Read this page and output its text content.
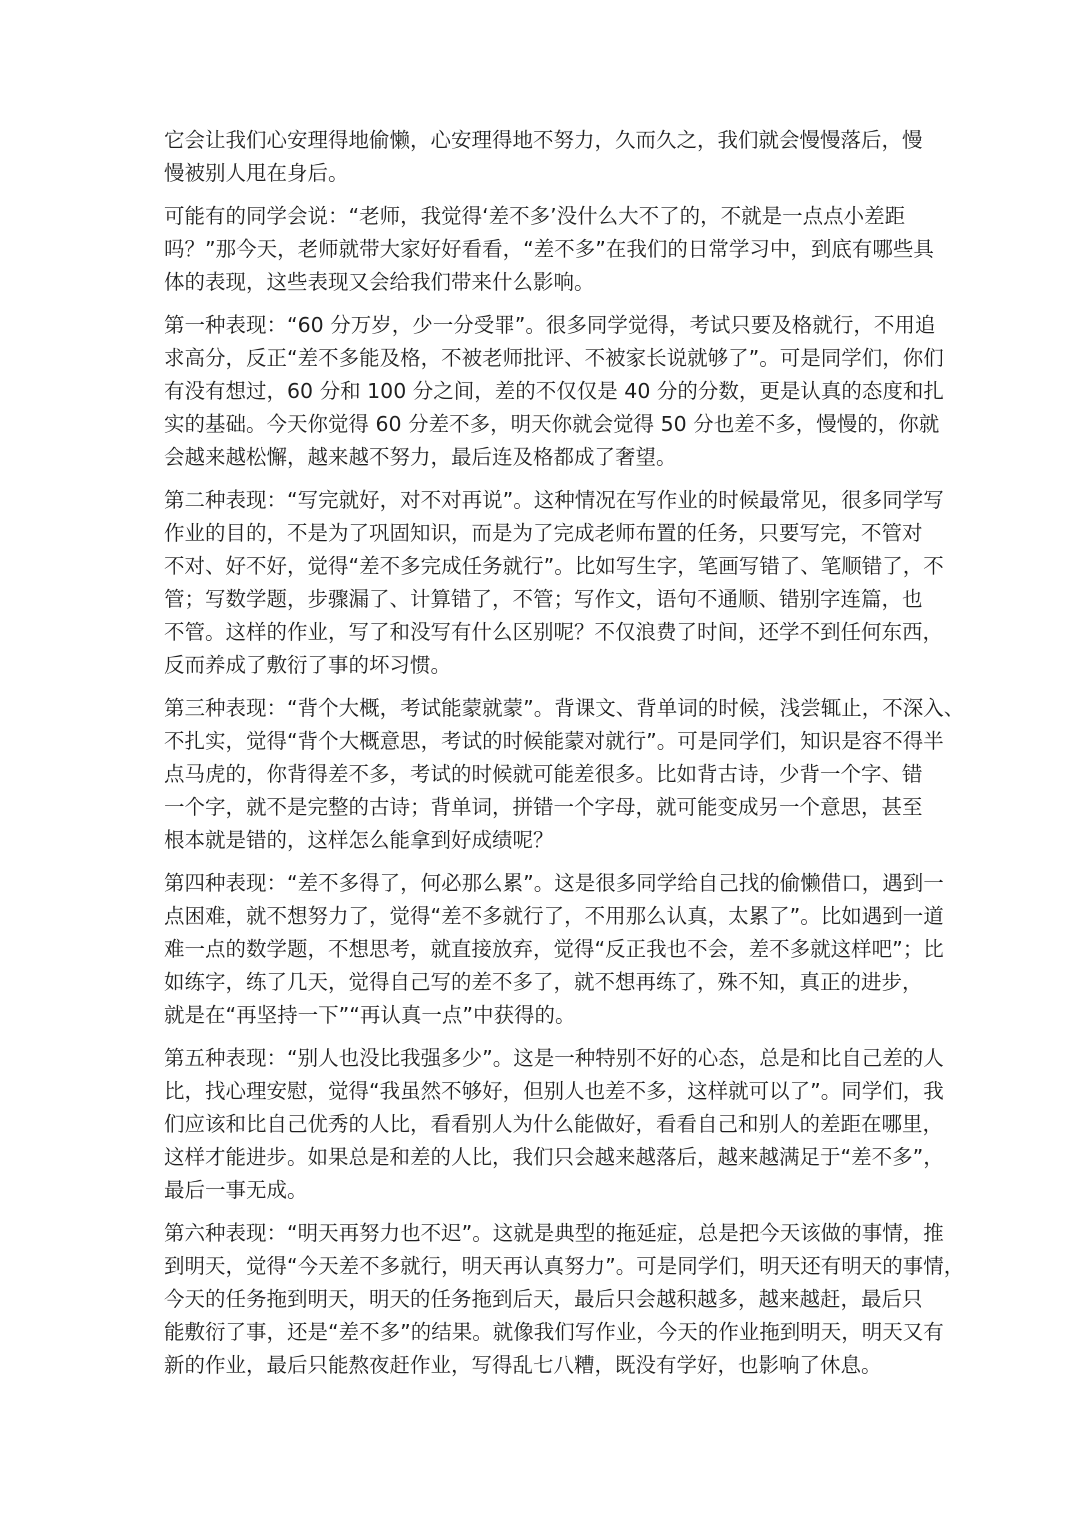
它会让我们心安理得地偷懒，心安理得地不努力，久而久之，我们就会慢慢落后，慢
慢被别人甩在身后。

可能有的同学会说：“老师，我觉得‘差不多’没什么大不了的，不就是一点点小差距
吗？”那今天，老师就带大家好好看看，“差不多”在我们的日常学习中，到底有哪些具
体的表现，这些表现又会给我们带来什么影响。

第一种表现：“60 分万岁，少一分受罪”。很多同学觉得，考试只要及格就行，不用追
求高分，反正“差不多能及格，不被老师批评、不被家长说就够了”。可是同学们，你们
有没有想过，60 分和 100 分之间，差的不仅仅是 40 分的分数，更是认真的态度和扎
实的基础。今天你觉得 60 分差不多，明天你就会觉得 50 分也差不多，慢慢的，你就
会越来越松懈，越来越不努力，最后连及格都成了奢望。

第二种表现：“写完就好，对不对再说”。这种情况在写作业的时候最常见，很多同学写
作业的目的，不是为了巩固知识，而是为了完成老师布置的任务，只要写完，不管对
不对、好不好，觉得“差不多完成任务就行”。比如写生字，笔画写错了、笔顺错了，不
管；写数学题，步骤漏了、计算错了，不管；写作文，语句不通顺、错别字连篇，也
不管。这样的作业，写了和没写有什么区别呢？不仅浪费了时间，还学不到任何东西，
反而养成了敷衍了事的坏习惯。

第三种表现：“背个大概，考试能蒙就蒙”。背课文、背单词的时候，浅尝辄止，不深入、
不扎实，觉得“背个大概意思，考试的时候能蒙对就行”。可是同学们，知识是容不得半
点马虎的，你背得差不多，考试的时候就可能差很多。比如背古诗，少背一个字、错
一个字，就不是完整的古诗；背单词，拼错一个字母，就可能变成另一个意思，甚至
根本就是错的，这样怎么能拿到好成绩呢？

第四种表现：“差不多得了，何必那么累”。这是很多同学给自己找的偷懒借口，遇到一
点困难，就不想努力了，觉得“差不多就行了，不用那么认真，太累了”。比如遇到一道
难一点的数学题，不想思考，就直接放弃，觉得“反正我也不会，差不多就这样吧”；比
如练字，练了几天，觉得自己写的差不多了，就不想再练了，殊不知，真正的进步，
就是在“再坚持一下”“再认真一点”中获得的。

第五种表现：“别人也没比我强多少”。这是一种特别不好的心态，总是和比自己差的人
比，找心理安慰，觉得“我虽然不够好，但别人也差不多，这样就可以了”。同学们，我
们应该和比自己优秀的人比，看看别人为什么能做好，看看自己和别人的差距在哪里，
这样才能进步。如果总是和差的人比，我们只会越来越落后，越来越满足于“差不多”，
最后一事无成。

第六种表现：“明天再努力也不迟”。这就是典型的拖延症，总是把今天该做的事情，推
到明天，觉得“今天差不多就行，明天再认真努力”。可是同学们，明天还有明天的事情，
今天的任务拖到明天，明天的任务拖到后天，最后只会越积越多，越来越赶，最后只
能敷衍了事，还是“差不多”的结果。就像我们写作业，今天的作业拖到明天，明天又有
新的作业，最后只能熬夜赶作业，写得乱七八糟，既没有学好，也影响了休息。
